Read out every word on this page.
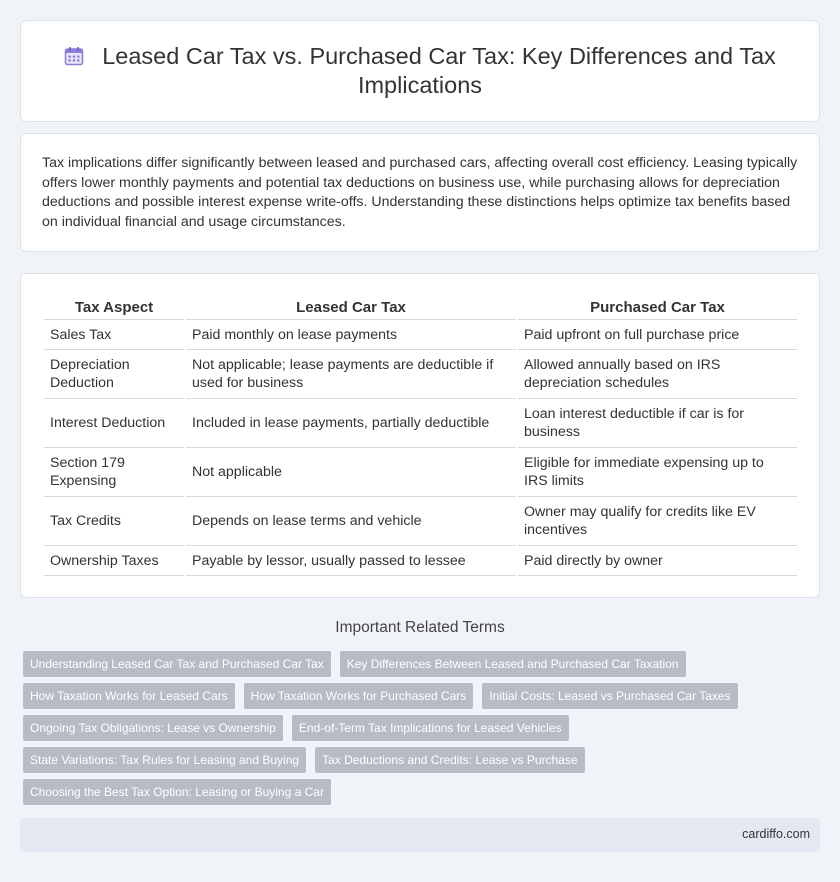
Leased Car Tax vs. Purchased Car Tax: Key Differences and Tax Implications

Tax implications differ significantly between leased and purchased cars, affecting overall cost efficiency. Leasing typically offers lower monthly payments and potential tax deductions on business use, while purchasing allows for depreciation deductions and possible interest expense write-offs. Understanding these distinctions helps optimize tax benefits based on individual financial and usage circumstances.

Tax Aspect	Leased Car Tax	Purchased Car Tax
Sales Tax	Paid monthly on lease payments	Paid upfront on full purchase price
Depreciation Deduction	Not applicable; lease payments are deductible if used for business	Allowed annually based on IRS depreciation schedules
Interest Deduction	Included in lease payments, partially deductible	Loan interest deductible if car is for business
Section 179 Expensing	Not applicable	Eligible for immediate expensing up to IRS limits
Tax Credits	Depends on lease terms and vehicle	Owner may qualify for credits like EV incentives
Ownership Taxes	Payable by lessor, usually passed to lessee	Paid directly by owner
Important Related Terms
Understanding Leased Car Tax and Purchased Car Tax	Key Differences Between Leased and Purchased Car Taxation
How Taxation Works for Leased Cars	How Taxation Works for Purchased Cars	Initial Costs: Leased vs Purchased Car Taxes
Ongoing Tax Obligations: Lease vs Ownership	End-of-Term Tax Implications for Leased Vehicles
State Variations: Tax Rules for Leasing and Buying	Tax Deductions and Credits: Lease vs Purchase
Choosing the Best Tax Option: Leasing or Buying a Car
cardiffo.com
